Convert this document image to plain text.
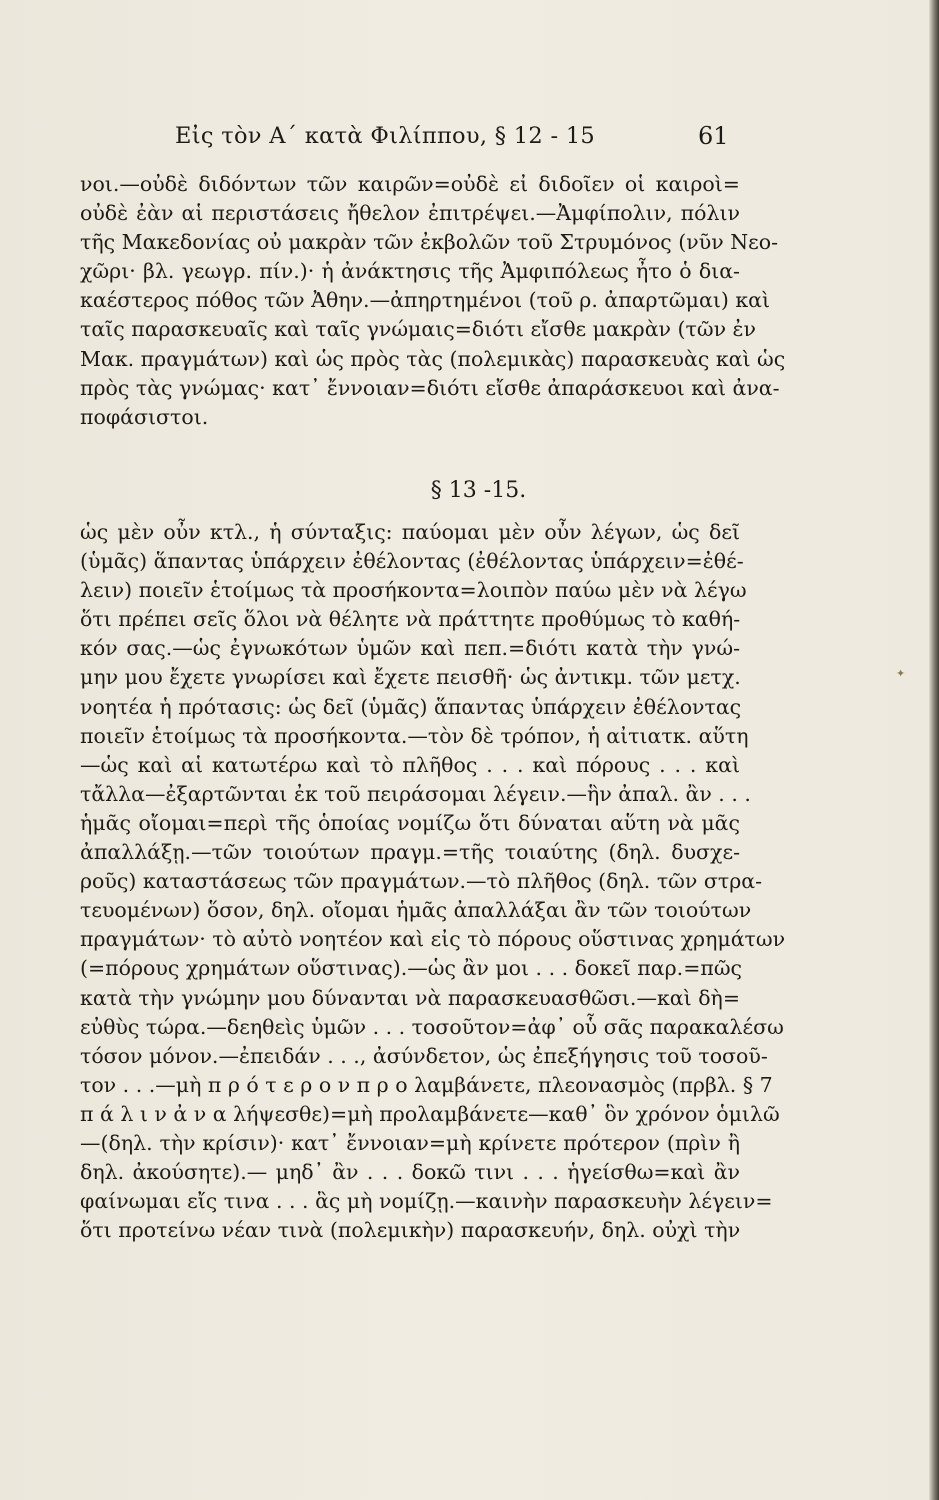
Εἰς τὸν Α΄ κατὰ Φιλίππου, § 12 - 15	61
νοι.—οὐδὲ διδόντων τῶν καιρῶν=οὐδὲ εἰ διδοῖεν οἱ καιροὶ=
οὐδὲ ἐὰν αἱ περιστάσεις ἤθελον ἐπιτρέψει.—Ἀμφίπολιν, πόλιν
τῆς Μακεδονίας οὐ μακρὰν τῶν ἐκβολῶν τοῦ Στρυμόνος (νῦν Νεο-
χῶρι· βλ. γεωγρ. πίν.)· ἡ ἀνάκτησις τῆς Ἀμφιπόλεως ἦτο ὁ δια-
καέστερος πόθος τῶν Ἀθην.—ἀπηρτημένοι (τοῦ ρ. ἀπαρτῶμαι) καὶ
ταῖς παρασκευαῖς καὶ ταῖς γνώμαις=διότι εἴσθε μακρὰν (τῶν ἐν
Μακ. πραγμάτων) καὶ ὡς πρὸς τὰς (πολεμικὰς) παρασκευὰς καὶ ὡς
πρὸς τὰς γνώμας· κατ᾽ ἔννοιαν=διότι εἴσθε ἀπαράσκευοι καὶ ἀνα-
ποφάσιστοι.
§ 13 -15.
ὡς μὲν οὖν κτλ., ἡ σύνταξις: παύομαι μὲν οὖν λέγων, ὡς δεῖ
(ὑμᾶς) ἅπαντας ὑπάρχειν ἐθέλοντας (ἐθέλοντας ὑπάρχειν=ἐθέ-
λειν) ποιεῖν ἑτοίμως τὰ προσήκοντα=λοιπὸν παύω μὲν νὰ λέγω
ὅτι πρέπει σεῖς ὅλοι νὰ θέλητε νὰ πράττητε προθύμως τὸ καθή-
κόν σας.—ὡς ἐγνωκότων ὑμῶν καὶ πεπ.=διότι κατὰ τὴν γνώ-
μην μου ἔχετε γνωρίσει καὶ ἔχετε πεισθῆ· ὡς ἀντικμ. τῶν μετχ.
νοητέα ἡ πρότασις: ὡς δεῖ (ὑμᾶς) ἅπαντας ὑπάρχειν ἐθέλοντας
ποιεῖν ἑτοίμως τὰ προσήκοντα.—τὸν δὲ τρόπον, ἡ αἰτιατκ. αὕτη
—ὡς καὶ αἱ κατωτέρω καὶ τὸ πλῆθος . . . καὶ πόρους . . . καὶ
τἄλλα—ἐξαρτῶνται ἐκ τοῦ πειράσομαι λέγειν.—ἣν ἀπαλ. ἂν . . .
ἡμᾶς οἴομαι=περὶ τῆς ὁποίας νομίζω ὅτι δύναται αὕτη νὰ μᾶς
ἀπαλλάξῃ.—τῶν τοιούτων πραγμ.=τῆς τοιαύτης (δηλ. δυσχε-
ροῦς) καταστάσεως τῶν πραγμάτων.—τὸ πλῆθος (δηλ. τῶν στρα-
τευομένων) ὅσον, δηλ. οἴομαι ἡμᾶς ἀπαλλάξαι ἂν τῶν τοιούτων
πραγμάτων· τὸ αὐτὸ νοητέον καὶ εἰς τὸ πόρους οὕστινας χρημάτων
(=πόρους χρημάτων οὕστινας).—ὡς ἂν μοι . . . δοκεῖ παρ.=πῶς
κατὰ τὴν γνώμην μου δύνανται νὰ παρασκευασθῶσι.—καὶ δὴ=
εὐθὺς τώρα.—δεηθεὶς ὑμῶν . . . τοσοῦτον=ἀφ᾽ οὗ σᾶς παρακαλέσω
τόσον μόνον.—ἐπειδάν . . ., ἀσύνδετον, ὡς ἐπεξήγησις τοῦ τοσοῦ-
τον . . .—μὴ π ρ ό τ ε ρ ο ν π ρ ο λαμβάνετε, πλεονασμὸς (πρβλ. § 7
π ά λ ι ν ἀ ν α λήψεσθε)=μὴ προλαμβάνετε—καθ᾽ ὃν χρόνον ὁμιλῶ
—(δηλ. τὴν κρίσιν)· κατ᾽ ἔννοιαν=μὴ κρίνετε πρότερον (πρὶν ἢ
δηλ. ἀκούσητε).— μηδ᾽ ἂν . . . δοκῶ τινι . . . ἡγείσθω=καὶ ἂν
φαίνωμαι εἴς τινα . . . ἃς μὴ νομίζῃ.—καινὴν παρασκευὴν λέγειν=
ὅτι προτείνω νέαν τινὰ (πολεμικὴν) παρασκευήν, δηλ. οὐχὶ τὴν
✦
